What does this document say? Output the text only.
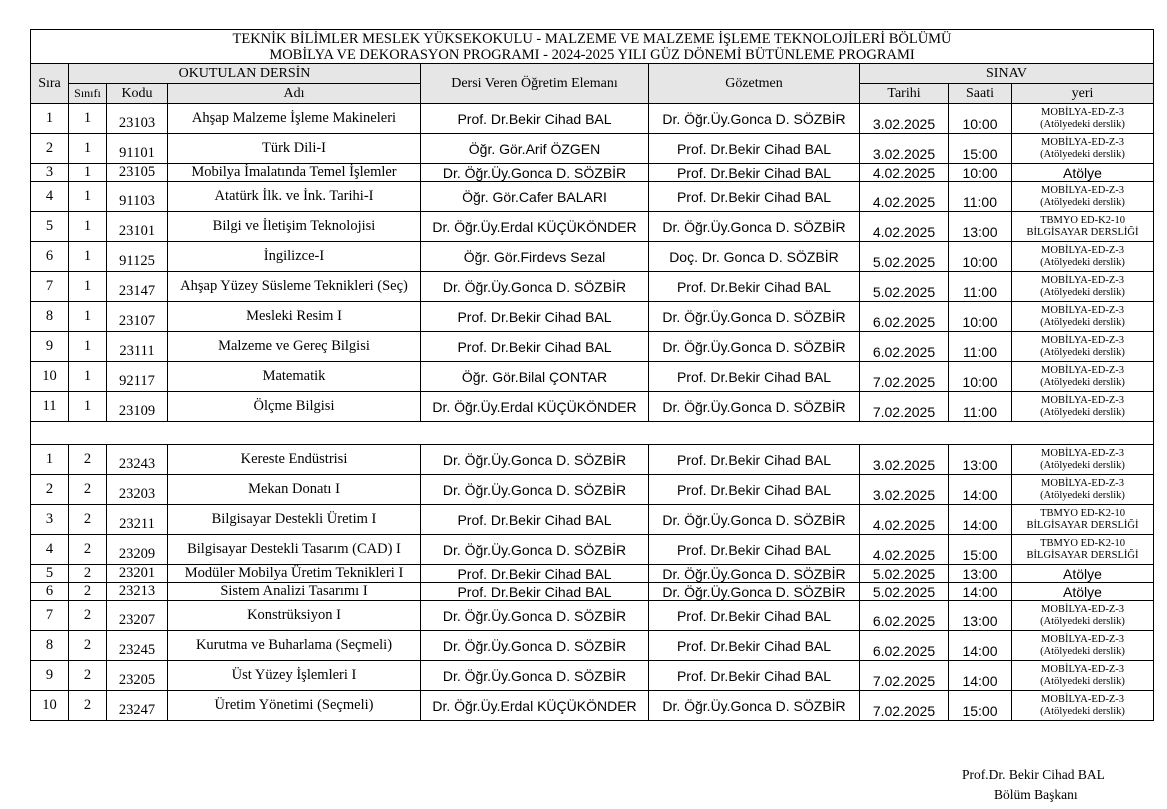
TEKNİK BİLİMLER MESLEK YÜKSEKOKULU - MALZEME VE MALZEME İŞLEME TEKNOLOJİLERİ BÖLÜMÜ
MOBİLYA VE DEKORASYON PROGRAMI - 2024-2025 YILI GÜZ DÖNEMİ BÜTÜNLEME PROGRAMI								

Sıra	OKUTULAN DERSİN			Dersi Veren Öğretim Elemanı	Gözetmen	SINAV		
	Sınıfı	Kodu	Adı			Tarihi	Saati	yeri
1	1	23103	Ahşap Malzeme İşleme Makineleri	Prof. Dr.Bekir Cihad BAL	Dr. Öğr.Üy.Gonca D. SÖZBİR	3.02.2025	10:00	MOBİLYA-ED-Z-3
(Atölyedeki derslik)

2	1	91101	Türk Dili-I	Öğr. Gör.Arif ÖZGEN	Prof. Dr.Bekir Cihad BAL	3.02.2025	15:00	MOBİLYA-ED-Z-3
(Atölyedeki derslik)

3	1	23105	Mobilya İmalatında Temel İşlemler	Dr. Öğr.Üy.Gonca D. SÖZBİR	Prof. Dr.Bekir Cihad BAL	4.02.2025	10:00	Atölye

4	1	91103	Atatürk İlk. ve İnk. Tarihi-I	Öğr. Gör.Cafer BALARI	Prof. Dr.Bekir Cihad BAL	4.02.2025	11:00	MOBİLYA-ED-Z-3
(Atölyedeki derslik)

5	1	23101	Bilgi ve İletişim Teknolojisi	Dr. Öğr.Üy.Erdal KÜÇÜKÖNDER	Dr. Öğr.Üy.Gonca D. SÖZBİR	4.02.2025	13:00	TBMYO ED-K2-10
BİLGİSAYAR DERSLİĞİ

6	1	91125	İngilizce-I	Öğr. Gör.Firdevs Sezal	Doç. Dr. Gonca D. SÖZBİR	5.02.2025	10:00	MOBİLYA-ED-Z-3
(Atölyedeki derslik)

7	1	23147	Ahşap Yüzey Süsleme Teknikleri (Seç)	Dr. Öğr.Üy.Gonca D. SÖZBİR	Prof. Dr.Bekir Cihad BAL	5.02.2025	11:00	MOBİLYA-ED-Z-3
(Atölyedeki derslik)

8	1	23107	Mesleki Resim I	Prof. Dr.Bekir Cihad BAL	Dr. Öğr.Üy.Gonca D. SÖZBİR	6.02.2025	10:00	MOBİLYA-ED-Z-3
(Atölyedeki derslik)

9	1	23111	Malzeme ve Gereç Bilgisi	Prof. Dr.Bekir Cihad BAL	Dr. Öğr.Üy.Gonca D. SÖZBİR	6.02.2025	11:00	MOBİLYA-ED-Z-3
(Atölyedeki derslik)

10	1	92117	Matematik	Öğr. Gör.Bilal ÇONTAR	Prof. Dr.Bekir Cihad BAL	7.02.2025	10:00	MOBİLYA-ED-Z-3
(Atölyedeki derslik)

11	1	23109	Ölçme Bilgisi	Dr. Öğr.Üy.Erdal KÜÇÜKÖNDER	Dr. Öğr.Üy.Gonca D. SÖZBİR	7.02.2025	11:00	MOBİLYA-ED-Z-3
(Atölyedeki derslik)

1	2	23243	Kereste Endüstrisi	Dr. Öğr.Üy.Gonca D. SÖZBİR	Prof. Dr.Bekir Cihad BAL	3.02.2025	13:00	MOBİLYA-ED-Z-3
(Atölyedeki derslik)

2	2	23203	Mekan Donatı I	Dr. Öğr.Üy.Gonca D. SÖZBİR	Prof. Dr.Bekir Cihad BAL	3.02.2025	14:00	MOBİLYA-ED-Z-3
(Atölyedeki derslik)

3	2	23211	Bilgisayar Destekli Üretim I	Prof. Dr.Bekir Cihad BAL	Dr. Öğr.Üy.Gonca D. SÖZBİR	4.02.2025	14:00	TBMYO ED-K2-10
BİLGİSAYAR DERSLİĞİ

4	2	23209	Bilgisayar Destekli Tasarım (CAD) I	Dr. Öğr.Üy.Gonca D. SÖZBİR	Prof. Dr.Bekir Cihad BAL	4.02.2025	15:00	TBMYO ED-K2-10
BİLGİSAYAR DERSLİĞİ

5	2	23201	Modüler Mobilya Üretim Teknikleri I	Prof. Dr.Bekir Cihad BAL	Dr. Öğr.Üy.Gonca D. SÖZBİR	5.02.2025	13:00	Atölye

6	2	23213	Sistem Analizi Tasarımı I	Prof. Dr.Bekir Cihad BAL	Dr. Öğr.Üy.Gonca D. SÖZBİR	5.02.2025	14:00	Atölye

7	2	23207	Konstrüksiyon I	Dr. Öğr.Üy.Gonca D. SÖZBİR	Prof. Dr.Bekir Cihad BAL	6.02.2025	13:00	MOBİLYA-ED-Z-3
(Atölyedeki derslik)

8	2	23245	Kurutma ve Buharlama (Seçmeli)	Dr. Öğr.Üy.Gonca D. SÖZBİR	Prof. Dr.Bekir Cihad BAL	6.02.2025	14:00	MOBİLYA-ED-Z-3
(Atölyedeki derslik)

9	2	23205	Üst Yüzey İşlemleri I	Dr. Öğr.Üy.Gonca D. SÖZBİR	Prof. Dr.Bekir Cihad BAL	7.02.2025	14:00	MOBİLYA-ED-Z-3
(Atölyedeki derslik)

10	2	23247	Üretim Yönetimi (Seçmeli)	Dr. Öğr.Üy.Erdal KÜÇÜKÖNDER	Dr. Öğr.Üy.Gonca D. SÖZBİR	7.02.2025	15:00	MOBİLYA-ED-Z-3
(Atölyedeki derslik)
Prof.Dr. Bekir Cihad BAL
Bölüm Başkanı
